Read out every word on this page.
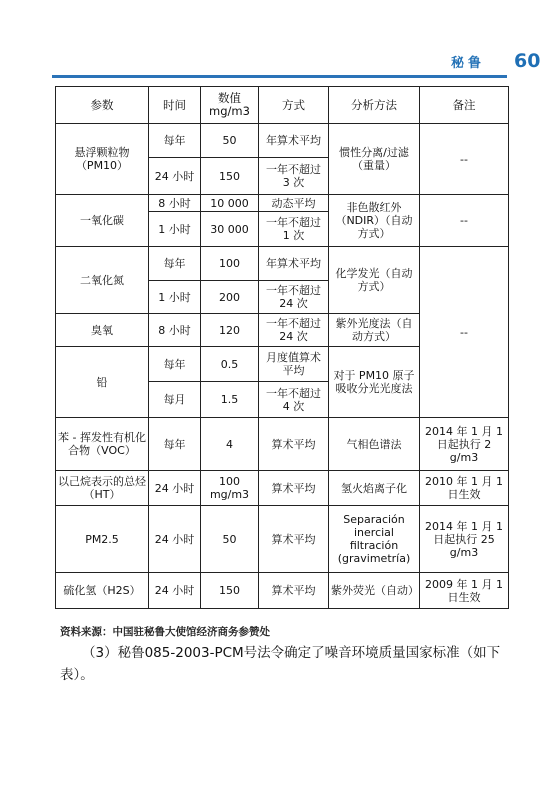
秘鲁 60
参数	时间	数值mg/m3	方式	分析方法	备注
悬浮颗粒物（PM10）	每年	50	年算术平均	惯性分离/过滤（重量）	--
	24 小时	150	一年不超过 3 次		
一氧化碳	8 小时	10 000	动态平均	非色散红外（NDIR）（自动方式）	--
	1 小时	30 000	一年不超过 1 次		
二氧化氮	每年	100	年算术平均	化学发光（自动方式）	--
	1 小时	200	一年不超过 24 次		
臭氧	8 小时	120	一年不超过 24 次	紫外光度法（自动方式）	
铅	每年	0.5	月度值算术平均	对于 PM10 原子吸收分光光度法	
	每月	1.5	一年不超过 4 次		
苯 - 挥发性有机化合物（VOC）	每年	4	算术平均	气相色谱法	2014 年 1 月 1 日起执行 2 g/m3
以己烷表示的总烃（HT）	24 小时	100 mg/m3	算术平均	氢火焰离子化	2010 年 1 月 1 日生效
PM2.5	24 小时	50	算术平均	Separación inercial filtración (gravimetría)	2014 年 1 月 1 日起执行 25 g/m3
硫化氢（H2S）	24 小时	150	算术平均	紫外荧光（自动）	2009 年 1 月 1 日生效
资料来源：中国驻秘鲁大使馆经济商务参赞处
（3）秘鲁085-2003-PCM号法令确定了噪音环境质量国家标准（如下表）。
